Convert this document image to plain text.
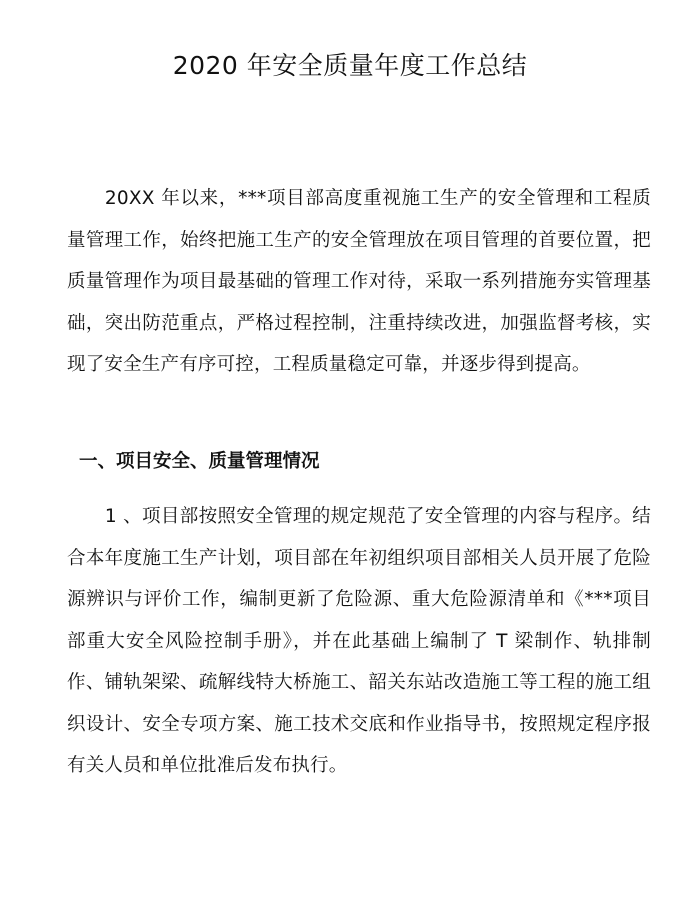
2020 年安全质量年度工作总结

20XX 年以来，***项目部高度重视施工生产的安全管理和工程质量管理工作，始终把施工生产的安全管理放在项目管理的首要位置，把质量管理作为项目最基础的管理工作对待，采取一系列措施夯实管理基础，突出防范重点，严格过程控制，注重持续改进，加强监督考核，实现了安全生产有序可控，工程质量稳定可靠，并逐步得到提高。

一、项目安全、质量管理情况

1 、项目部按照安全管理的规定规范了安全管理的内容与程序。结合本年度施工生产计划，项目部在年初组织项目部相关人员开展了危险源辨识与评价工作，编制更新了危险源、重大危险源清单和《***项目部重大安全风险控制手册》，并在此基础上编制了 T 梁制作、轨排制作、铺轨架梁、疏解线特大桥施工、韶关东站改造施工等工程的施工组织设计、安全专项方案、施工技术交底和作业指导书，按照规定程序报有关人员和单位批准后发布执行。
